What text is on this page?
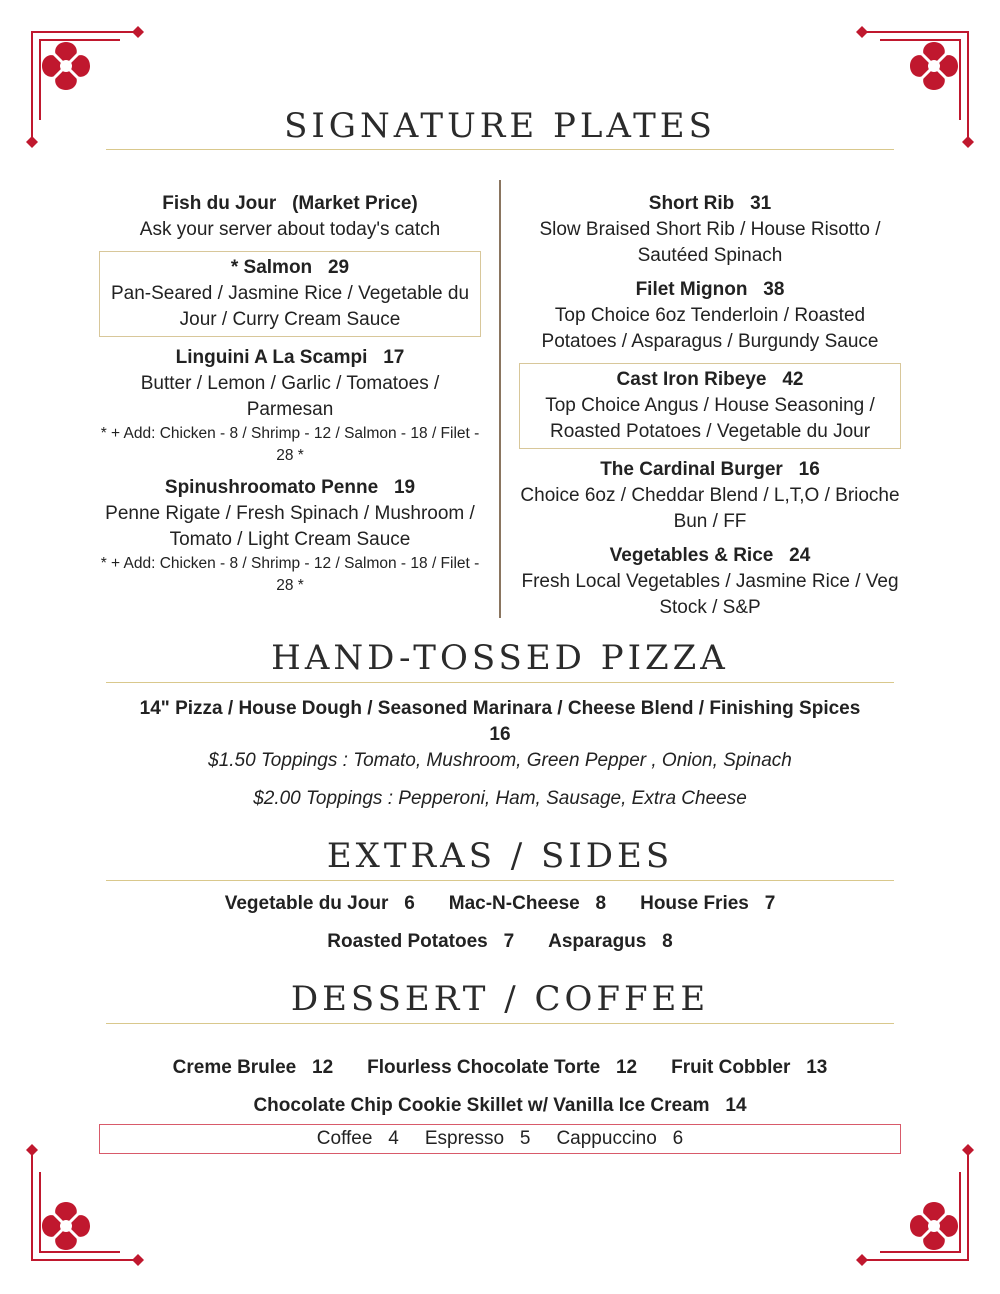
SIGNATURE PLATES
Fish du Jour   (Market Price)
Ask your server about today's catch
* Salmon   29
Pan-Seared / Jasmine Rice / Vegetable du Jour / Curry Cream Sauce
Linguini A La Scampi   17
Butter / Lemon / Garlic / Tomatoes / Parmesan
* + Add: Chicken - 8 / Shrimp - 12 / Salmon - 18 / Filet - 28 *
Spinushroomato Penne   19
Penne Rigate / Fresh Spinach / Mushroom / Tomato / Light Cream Sauce
* + Add: Chicken - 8 / Shrimp - 12 / Salmon - 18 / Filet - 28 *
Short Rib   31
Slow Braised Short Rib / House Risotto / Sautéed Spinach
Filet Mignon   38
Top Choice 6oz Tenderloin / Roasted Potatoes / Asparagus / Burgundy Sauce
Cast Iron Ribeye   42
Top Choice Angus / House Seasoning / Roasted Potatoes / Vegetable du Jour
The Cardinal Burger   16
Choice 6oz / Cheddar Blend / L,T,O / Brioche Bun / FF
Vegetables & Rice   24
Fresh Local Vegetables / Jasmine Rice / Veg Stock / S&P
HAND-TOSSED PIZZA
14" Pizza / House Dough / Seasoned Marinara / Cheese Blend / Finishing Spices
16
$1.50 Toppings : Tomato, Mushroom, Green Pepper , Onion, Spinach
$2.00 Toppings : Pepperoni, Ham, Sausage, Extra Cheese
EXTRAS / SIDES
Vegetable du Jour   6 Mac-N-Cheese   8 House Fries   7
Roasted Potatoes   7 Asparagus   8
DESSERT / COFFEE
Creme Brulee   12 Flourless Chocolate Torte   12 Fruit Cobbler   13
Chocolate Chip Cookie Skillet w/ Vanilla Ice Cream   14
Coffee   4 Espresso   5 Cappuccino   6
